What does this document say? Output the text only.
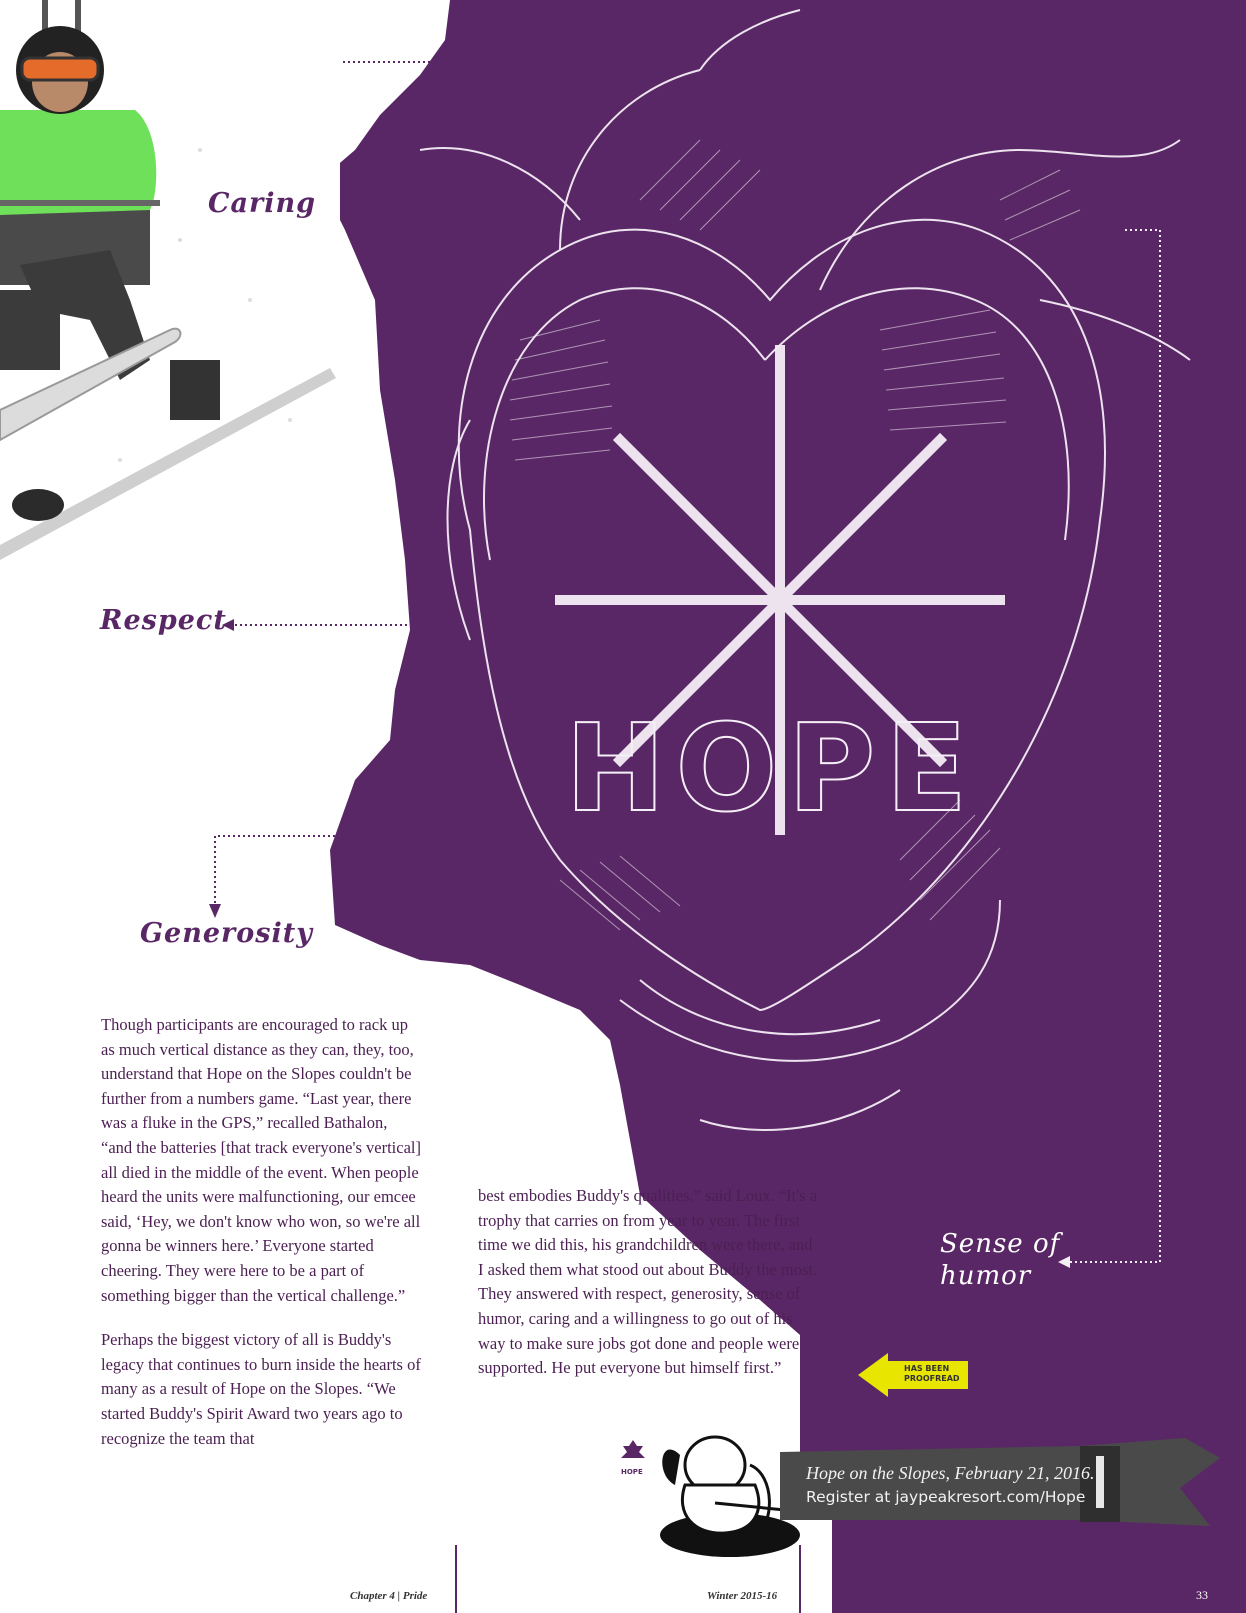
HOPE
Caring
Respect
Generosity
Sense of humor

Though participants are encouraged to rack up as much vertical distance as they can, they, too, understand that Hope on the Slopes couldn't be further from a numbers game. “Last year, there was a fluke in the GPS,” recalled Bathalon, “and the batteries [that track everyone's vertical] all died in the middle of the event. When people heard the units were malfunctioning, our emcee said, ‘Hey, we don't know who won, so we're all gonna be winners here.’ Everyone started cheering. They were here to be a part of something bigger than the vertical challenge.”

Perhaps the biggest victory of all is Buddy's legacy that continues to burn inside the hearts of many as a result of Hope on the Slopes. “We started Buddy's Spirit Award two years ago to recognize the team that

best embodies Buddy's qualities,” said Loux. “It's a trophy that carries on from year to year. The first time we did this, his grandchildren were there, and I asked them what stood out about Buddy the most. They answered with respect, generosity, sense of humor, caring and a willingness to go out of his way to make sure jobs got done and people were supported. He put everyone but himself first.”	HAS BEEN PROOFREAD
HOPE	Hope on the Slopes, February 21, 2016.
Register at jaypeakresort.com/Hope
Chapter 4 | Pride	Winter 2015-16	33
